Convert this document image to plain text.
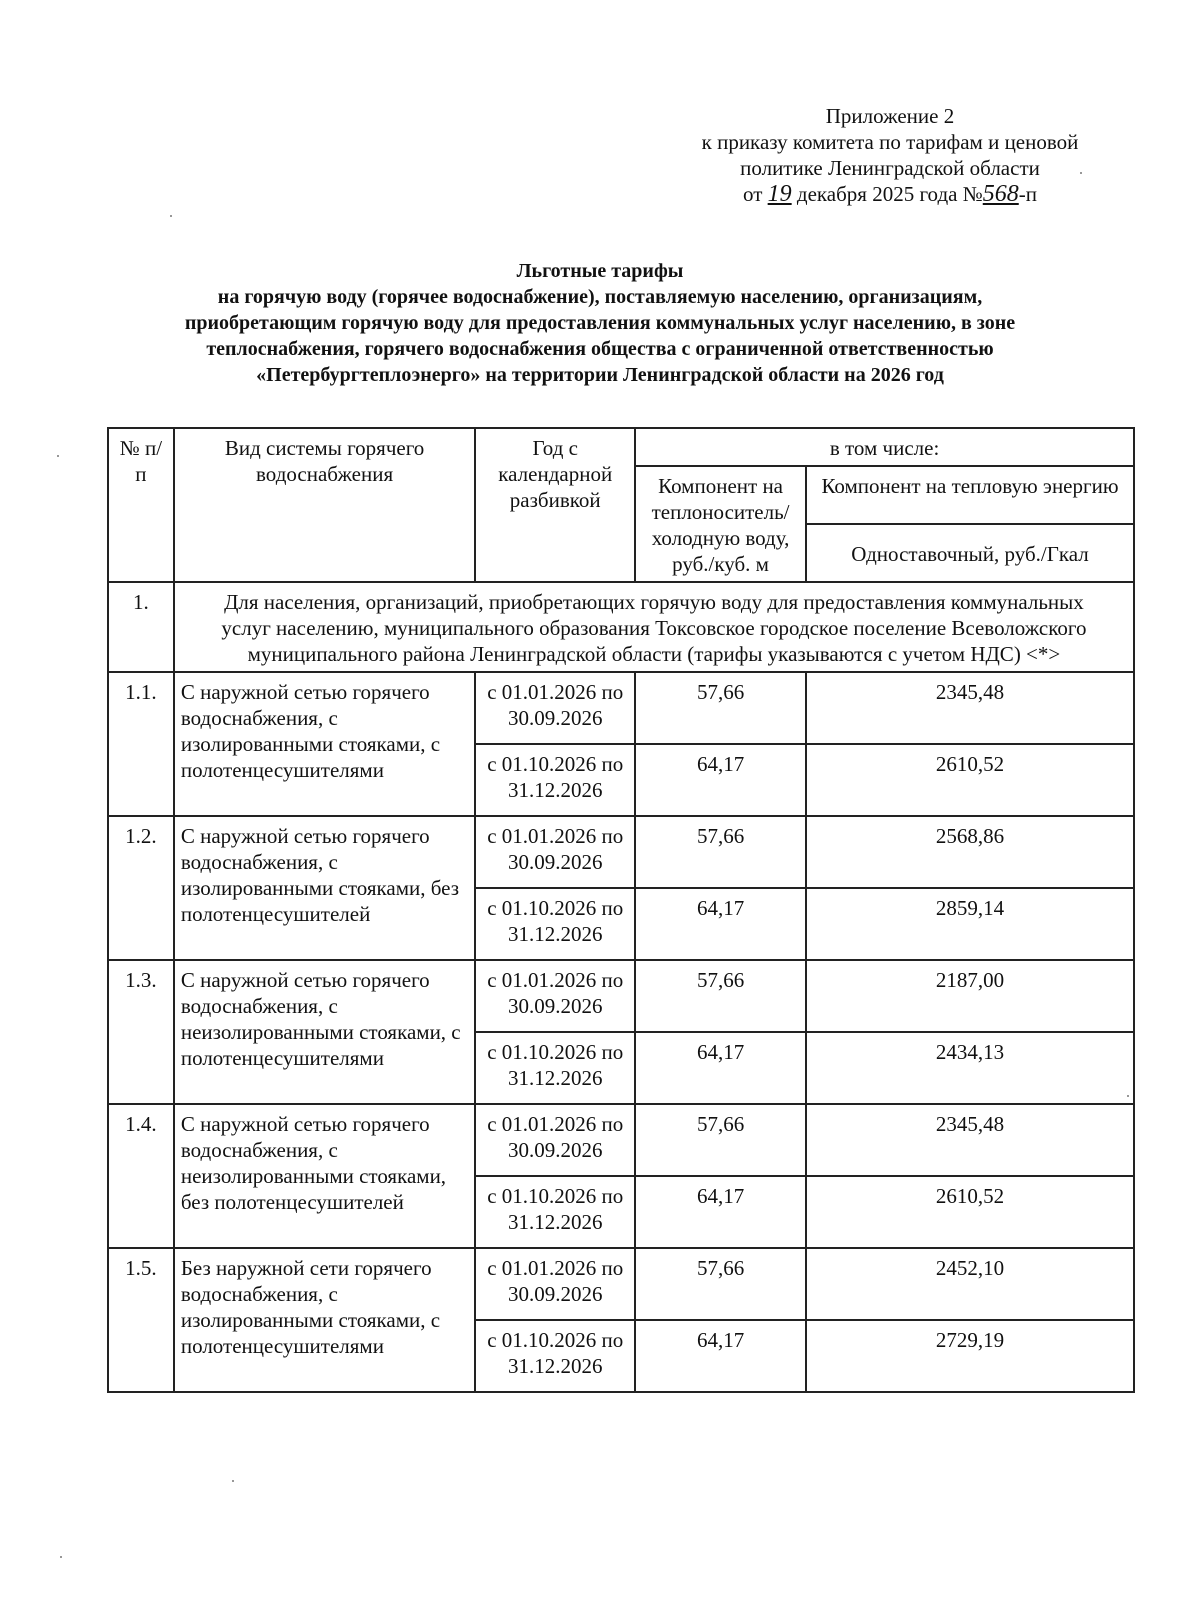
Приложение 2
к приказу комитета по тарифам и ценовой
политике Ленинградской области
от 19 декабря 2025 года №568-п
Льготные тарифы
на горячую воду (горячее водоснабжение), поставляемую населению, организациям,
приобретающим горячую воду для предоставления коммунальных услуг населению, в зоне
теплоснабжения, горячего водоснабжения общества с ограниченной ответственностью
«Петербургтеплоэнерго» на территории Ленинградской области на 2026 год
№ п/п	Вид системы горячего водоснабжения	Год с календарной разбивкой	в том числе:	
			Компонент на теплоноситель/ холодную воду, руб./куб. м	Компонент на тепловую энергию
				Одноставочный, руб./Гкал
1.	Для населения, организаций, приобретающих горячую воду для предоставления коммунальных услуг населению, муниципального образования Токсовское городское поселение Всеволожского муниципального района Ленинградской области (тарифы указываются с учетом НДС) <*>			
1.1.	С наружной сетью горячего водоснабжения, с изолированными стояками, с полотенцесушителями	с 01.01.2026 по 30.09.2026	57,66	2345,48
		с 01.10.2026 по 31.12.2026	64,17	2610,52
1.2.	С наружной сетью горячего водоснабжения, с изолированными стояками, без полотенцесушителей	с 01.01.2026 по 30.09.2026	57,66	2568,86
		с 01.10.2026 по 31.12.2026	64,17	2859,14
1.3.	С наружной сетью горячего водоснабжения, с неизолированными стояками, с полотенцесушителями	с 01.01.2026 по 30.09.2026	57,66	2187,00
		с 01.10.2026 по 31.12.2026	64,17	2434,13
1.4.	С наружной сетью горячего водоснабжения, с неизолированными стояками, без полотенцесушителей	с 01.01.2026 по 30.09.2026	57,66	2345,48
		с 01.10.2026 по 31.12.2026	64,17	2610,52
1.5.	Без наружной сети горячего водоснабжения, с изолированными стояками, с полотенцесушителями	с 01.01.2026 по 30.09.2026	57,66	2452,10
		с 01.10.2026 по 31.12.2026	64,17	2729,19
